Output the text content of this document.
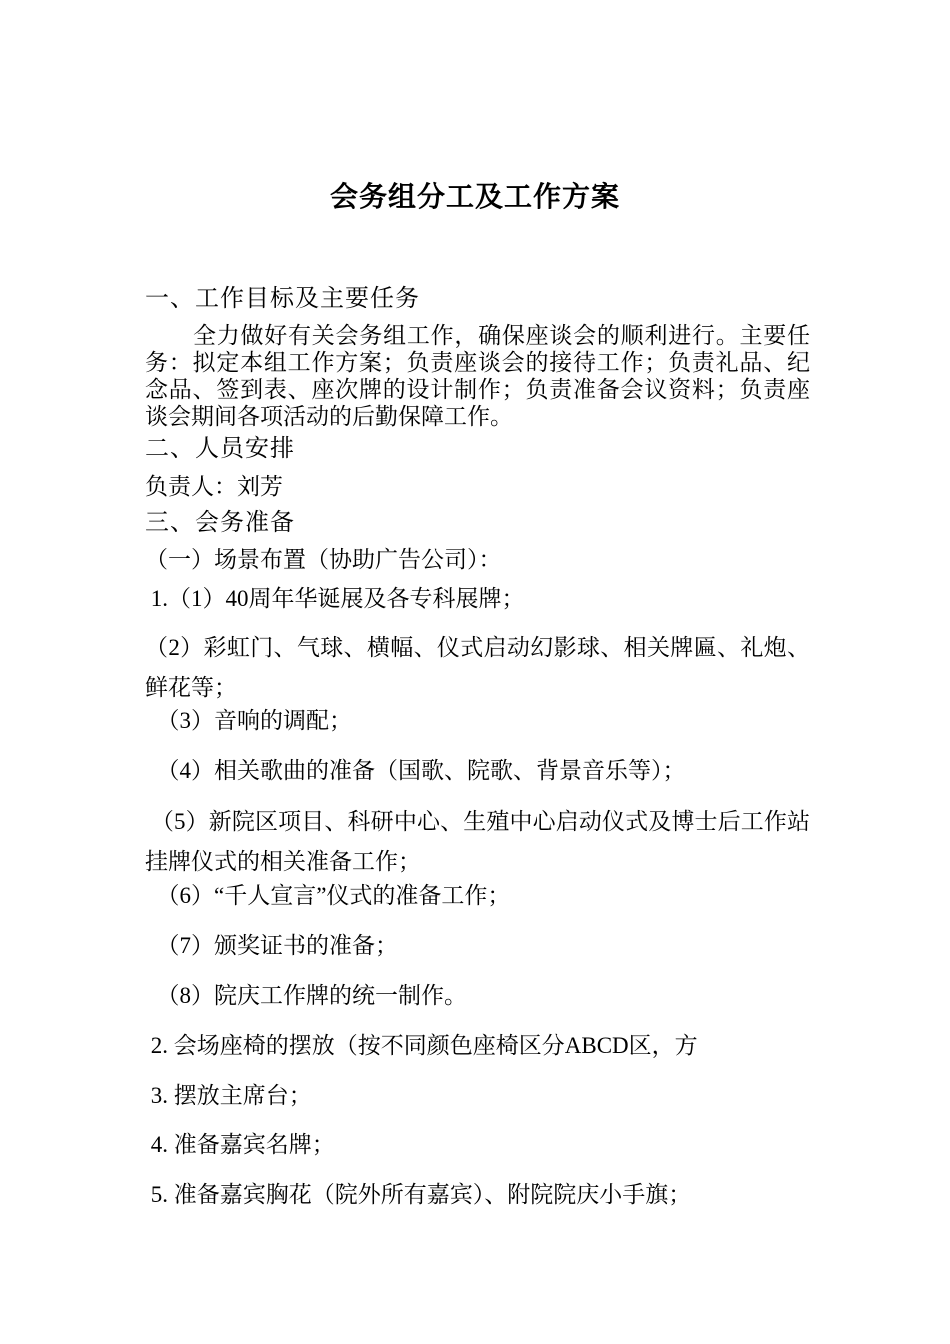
会务组分工及工作方案
一、工作目标及主要任务
全力做好有关会务组工作，确保座谈会的顺利进行。主要任务：拟定本组工作方案；负责座谈会的接待工作；负责礼品、纪念品、签到表、座次牌的设计制作；负责准备会议资料；负责座谈会期间各项活动的后勤保障工作。
二、人员安排
负责人：刘芳
三、会务准备
（一）场景布置（协助广告公司）：
1.（1）40周年华诞展及各专科展牌；
（2）彩虹门、气球、横幅、仪式启动幻影球、相关牌匾、礼炮、鲜花等；
（3）音响的调配；
（4）相关歌曲的准备（国歌、院歌、背景音乐等）；
（5）新院区项目、科研中心、生殖中心启动仪式及博士后工作站挂牌仪式的相关准备工作；
（6）“千人宣言”仪式的准备工作；
（7）颁奖证书的准备；
（8）院庆工作牌的统一制作。
2. 会场座椅的摆放（按不同颜色座椅区分ABCD区，方
3. 摆放主席台；
4. 准备嘉宾名牌；
5. 准备嘉宾胸花（院外所有嘉宾）、附院院庆小手旗；
